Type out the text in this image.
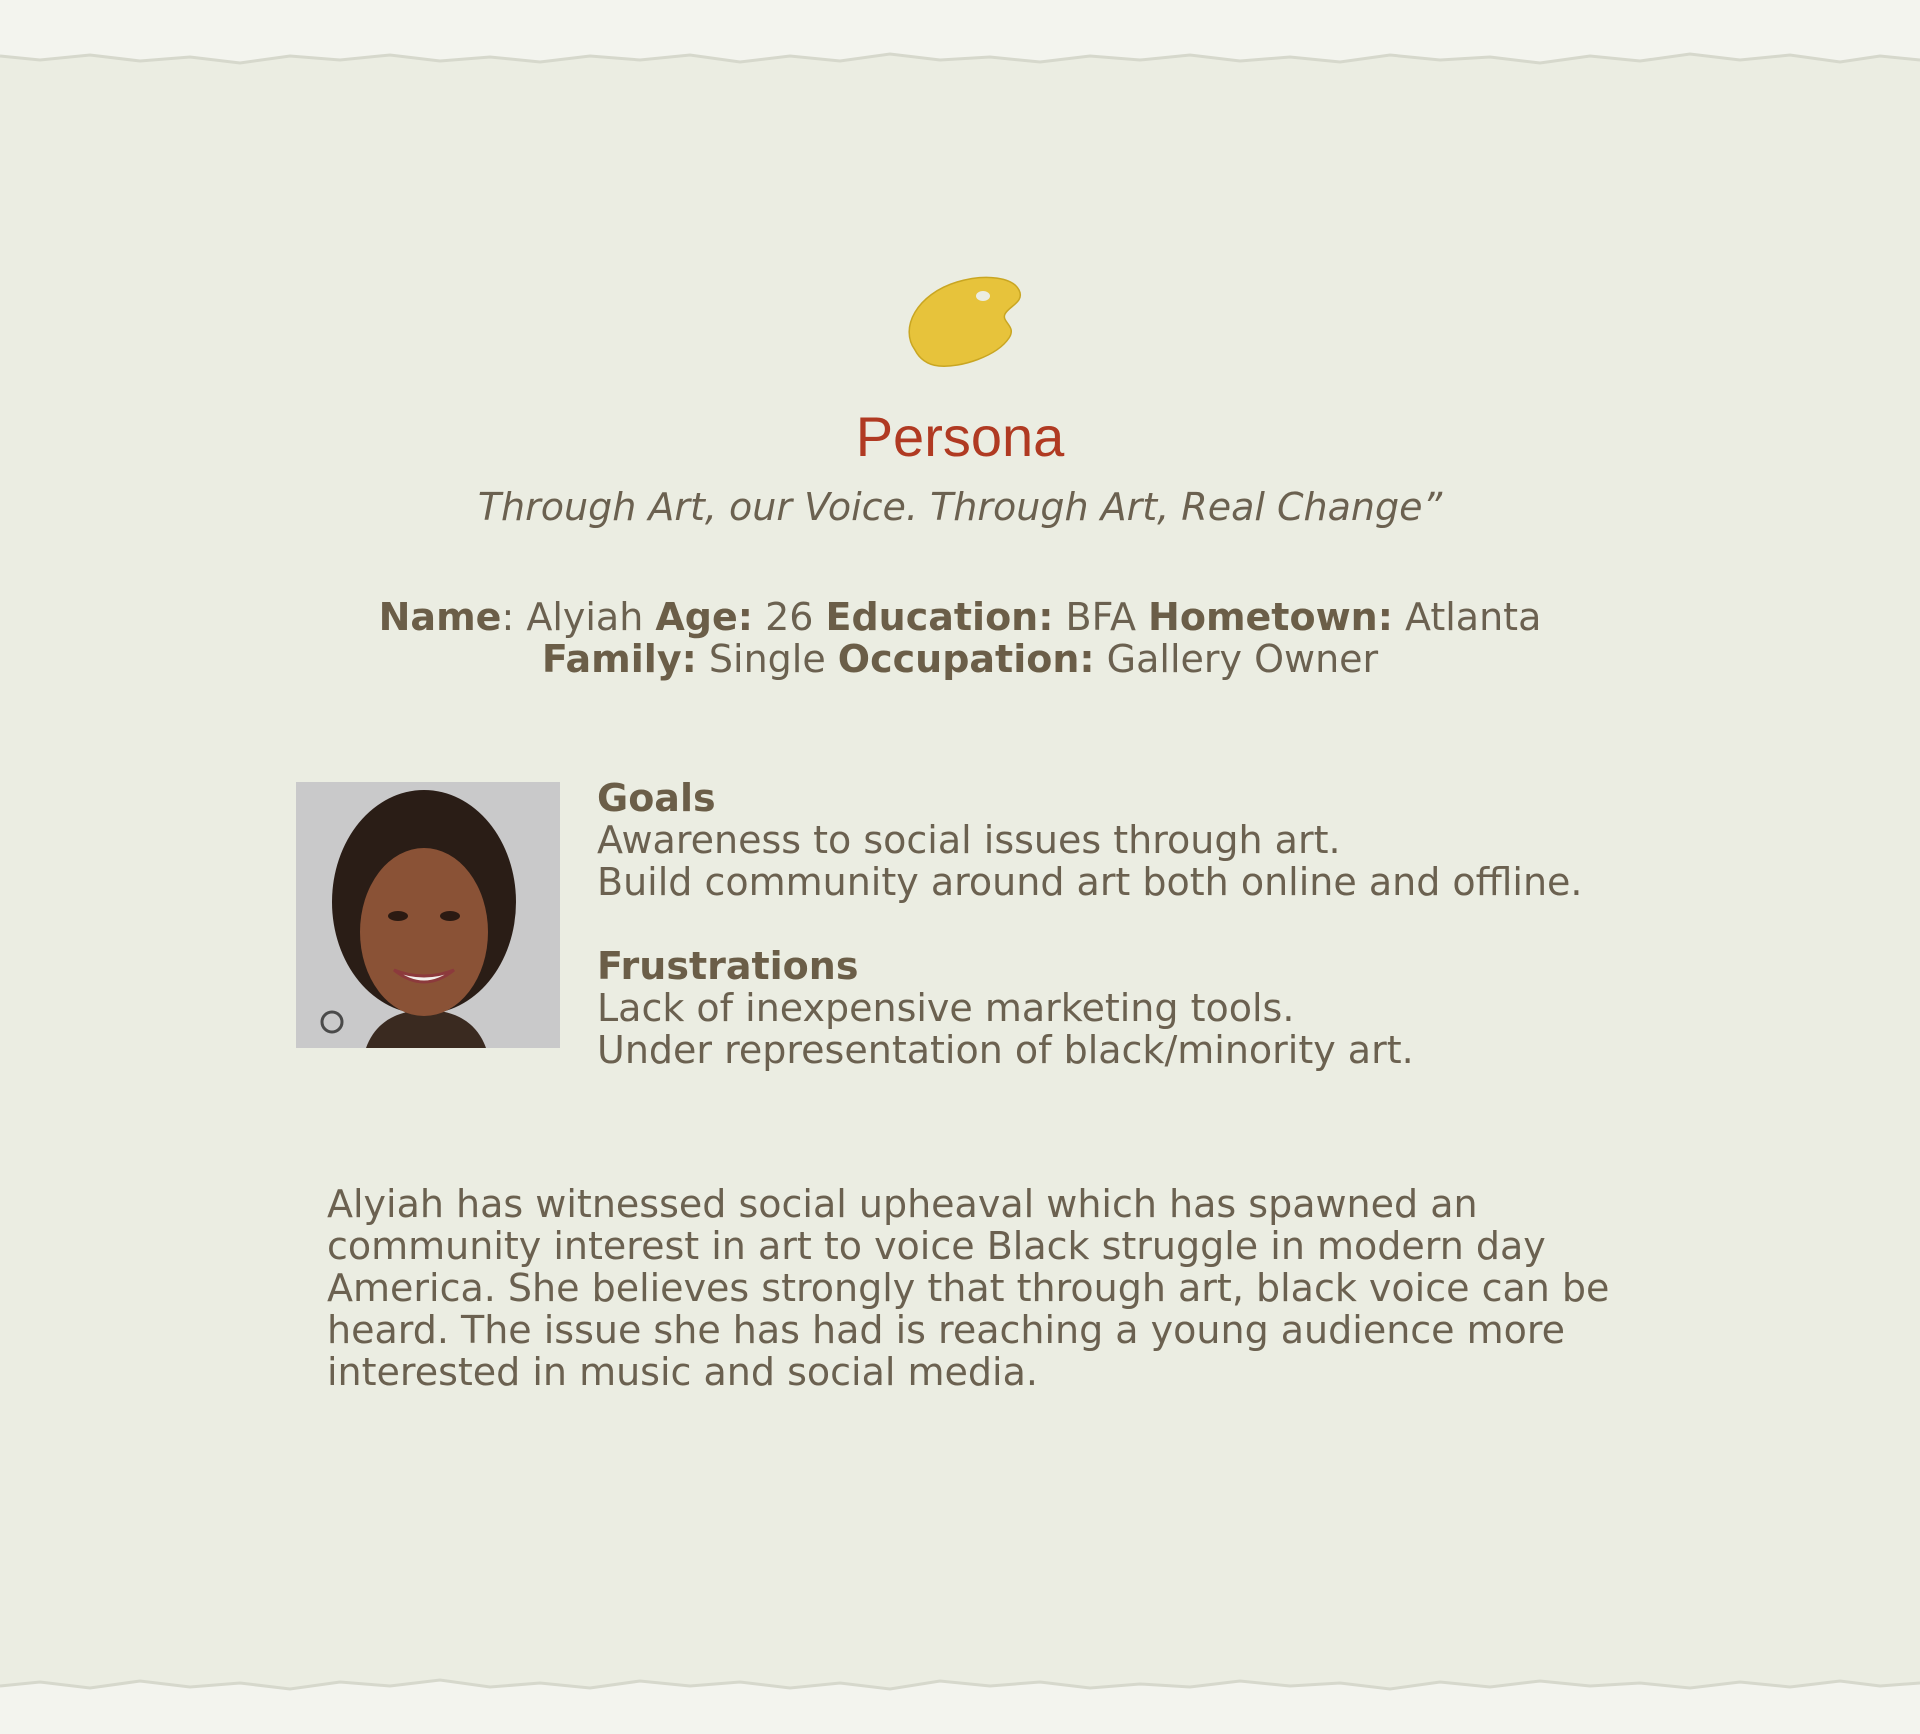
Persona
Through Art, our Voice. Through Art, Real Change”
Name: Alyiah Age: 26 Education: BFA Hometown: Atlanta
Family: Single Occupation: Gallery Owner
Goals
Awareness to social issues through art.
Build community around art both online and offline.
Frustrations
Lack of inexpensive marketing tools.
Under representation of black/minority art.
Alyiah has witnessed social upheaval which has spawned an
community interest in art to voice Black struggle in modern day
America. She believes strongly that through art, black voice can be
heard. The issue she has had is reaching a young audience more
interested in music and social media.
